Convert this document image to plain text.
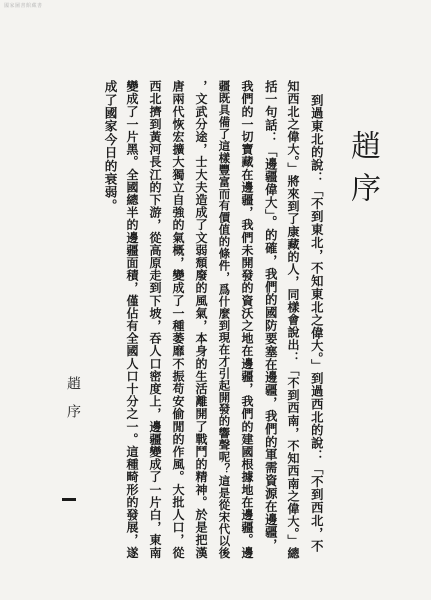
國家圖書館藏書
趙序
到過東北的說：「不到東北，不知東北之偉大。」到過西北的說：「不到西北，不
知西北之偉大。」將來到了康藏的人，同樣會說出：「不到西南，不知西南之偉大。」總
括一句話：「邊疆偉大」。的確，我們的國防要塞在邊疆，我們的軍需資源在邊疆，
我們的一切寶藏在邊疆，我們未開發的資沃之地在邊疆，我們的建國根據地在邊疆。邊
疆既具備了這樣豐富而有價值的條件，爲什麼到現在才引起開發的響聲呢？這是從宋代以後
，文武分途，士大夫造成了文弱頹廢的風氣，本身的生活離開了戰鬥的精神。於是把漢
唐兩代恢宏擴大獨立自強的氣概，變成了一種萎靡不振苟安偷閒的作風。大批人口，從
西北擠到黃河長江的下游，從高原走到下坡，吞人口密度上，邊疆變成了一片白，東南
變成了一片黑。全國總半的邊疆面積，僅佔有全國人口十分之一。這種畸形的發展，遂
成了國家今日的衰弱。
趙序
